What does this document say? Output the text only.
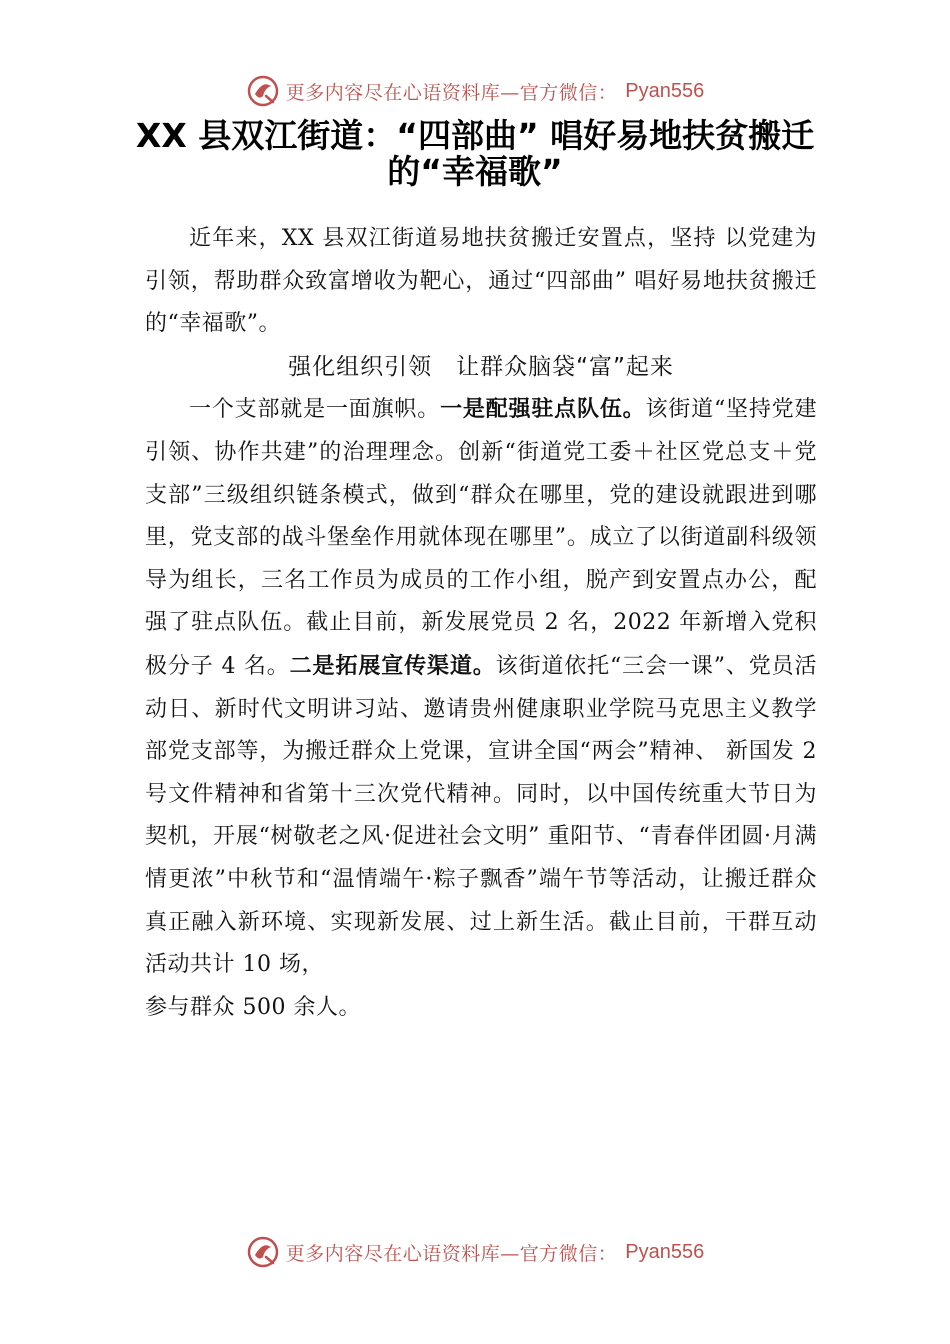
更多内容尽在心语资料库—官方微信： Pyan556
XX 县双江街道：“四部曲” 唱好易地扶贫搬迁的“幸福歌”

近年来，XX 县双江街道易地扶贫搬迁安置点，坚持 以党建为引领，帮助群众致富增收为靶心，通过“四部曲” 唱好易地扶贫搬迁的“幸福歌”。

强化组织引领　让群众脑袋“富”起来

一个支部就是一面旗帜。一是配强驻点队伍。该街道“坚持党建引领、协作共建”的治理理念。创新“街道党工委＋社区党总支＋党支部”三级组织链条模式，做到“群众在哪里，党的建设就跟进到哪里，党支部的战斗堡垒作用就体现在哪里”。成立了以街道副科级领导为组长，三名工作员为成员的工作小组，脱产到安置点办公，配强了驻点队伍。截止目前，新发展党员 2 名，2022 年新增入党积极分子 4 名。二是拓展宣传渠道。该街道依托“三会一课”、党员活动日、新时代文明讲习站、邀请贵州健康职业学院马克思主义教学部党支部等，为搬迁群众上党课，宣讲全国“两会”精神、 新国发 2 号文件精神和省第十三次党代精神。同时，以中国传统重大节日为契机，开展“树敬老之风·促进社会文明” 重阳节、“青春伴团圆·月满情更浓”中秋节和“温情端午·粽子飘香”端午节等活动，让搬迁群众真正融入新环境、实现新发展、过上新生活。截止目前，干群互动活动共计 10 场，

参与群众 500 余人。

更多内容尽在心语资料库—官方微信： Pyan556
